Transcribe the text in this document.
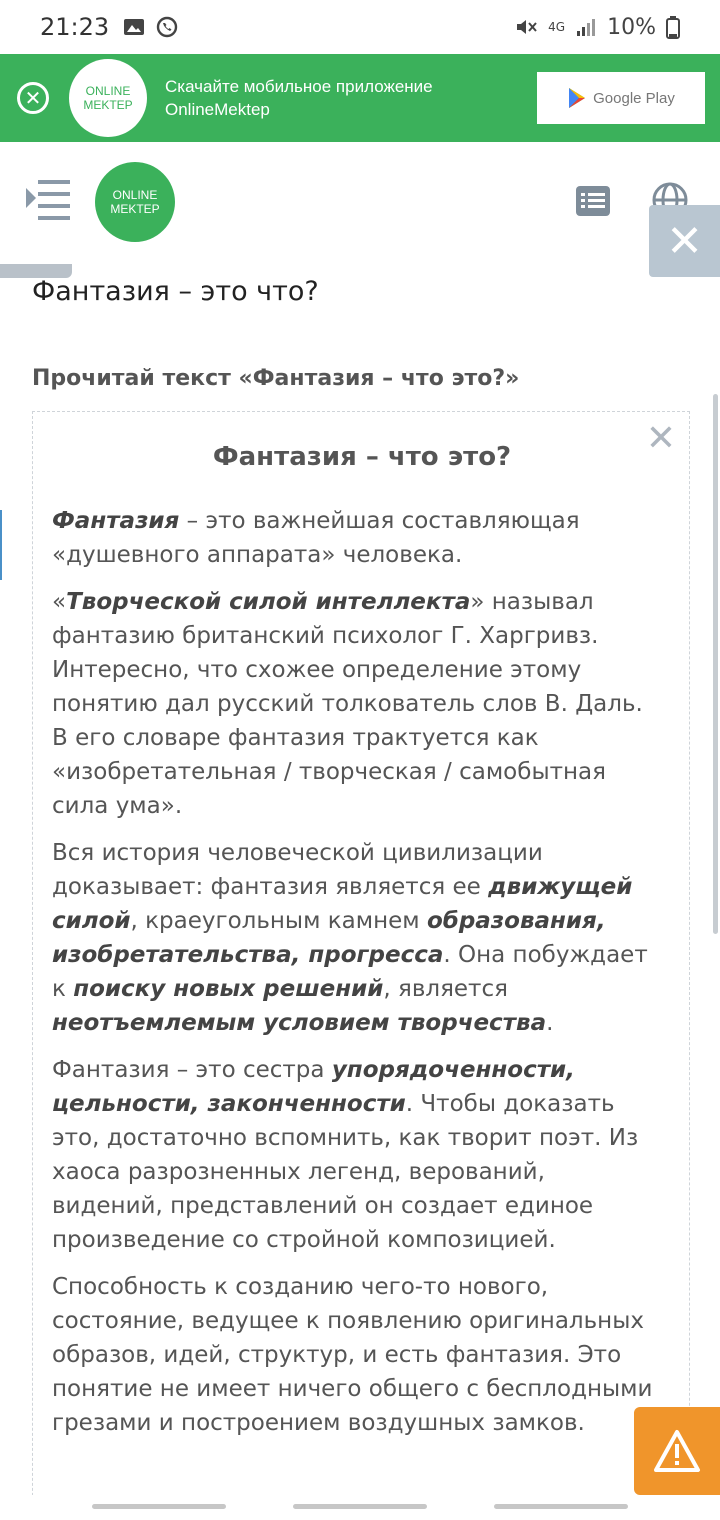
21:23	4G 10%
✕	ONLINE
MEKTEP
Скачайте мобильное приложение
OnlineMektep
Google Play
ONLINE
MEKTEP
✕
Фантазия – это что?
Прочитай текст «Фантазия – что это?»
✕
Фантазия – что это?

Фантазия – это важнейшая составляющая «душевного аппарата» человека.

«Творческой силой интеллекта» называл фантазию британский психолог Г. Харгривз. Интересно, что схожее определение этому понятию дал русский толкователь слов В. Даль. В его словаре фантазия трактуется как «изобретательная / творческая / самобытная сила ума».

Вся история человеческой цивилизации доказывает: фантазия является ее движущей силой, краеугольным камнем образования, изобретательства, прогресса. Она побуждает к поиску новых решений, является неотъемлемым условием творчества.

Фантазия – это сестра упорядоченности, цельности, законченности. Чтобы доказать это, достаточно вспомнить, как творит поэт. Из хаоса разрозненных легенд, верований, видений, представлений он создает единое произведение со стройной композицией.

Способность к созданию чего-то нового, состояние, ведущее к появлению оригинальных образов, идей, структур, и есть фантазия. Это понятие не имеет ничего общего с бесплодными грезами и построением воздушных замков.
